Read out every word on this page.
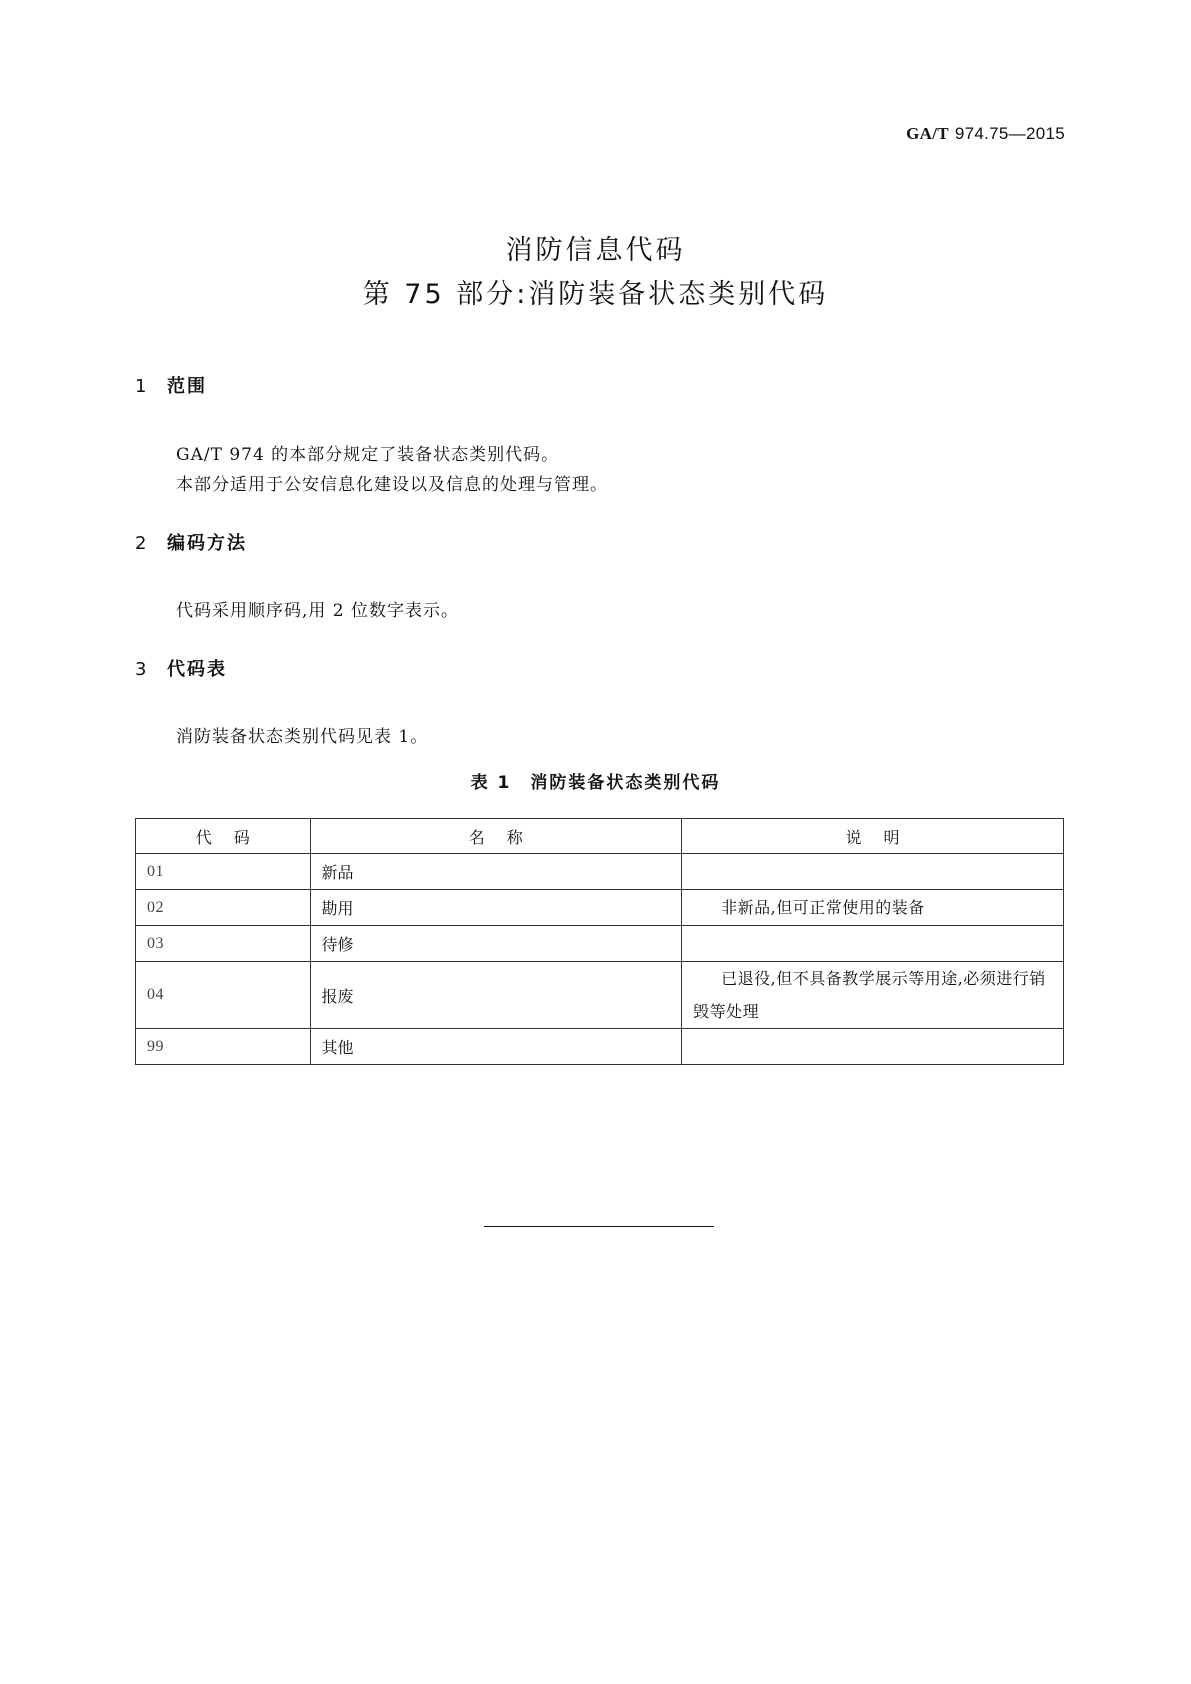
GA/T 974.75—2015
消防信息代码
第 75 部分:消防装备状态类别代码
1 范围
GA/T 974 的本部分规定了装备状态类别代码。
本部分适用于公安信息化建设以及信息的处理与管理。
2 编码方法
代码采用顺序码,用 2 位数字表示。
3 代码表
消防装备状态类别代码见表 1。
表 1　消防装备状态类别代码
代码	名称	说明
01	新品	
02	勘用	非新品,但可正常使用的装备
03	待修	
04	报废	已退役,但不具备教学展示等用途,必须进行销毁等处理
99	其他	
